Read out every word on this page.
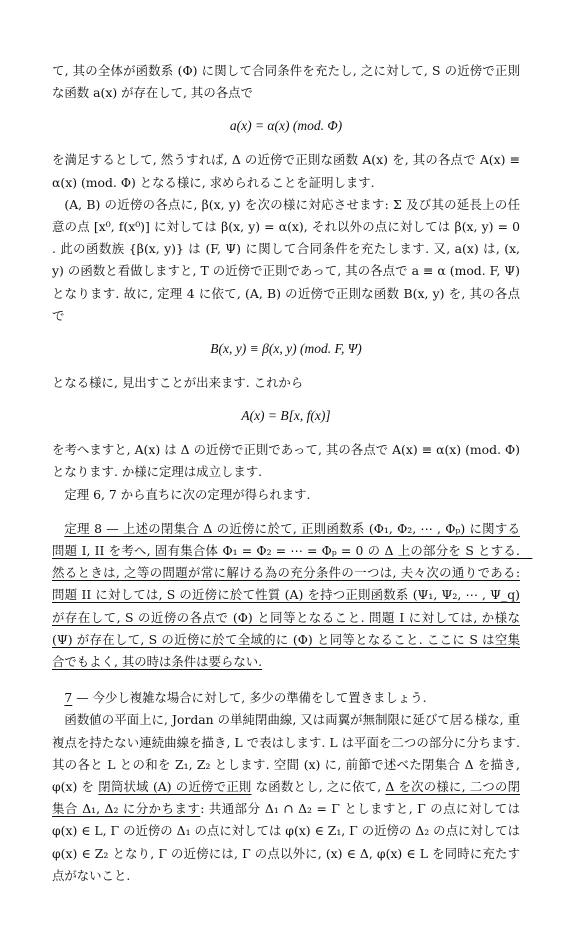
て, 其の全体が函数系 (Φ) に関して合同条件を充たし, 之に対して, S の近傍で正則な函数 a(x) が存在して, 其の各点で

a(x) = α(x) (mod. Φ)

を満足するとして, 然うすれば, Δ の近傍で正則な函数 A(x) を, 其の各点で A(x) ≡ α(x) (mod. Φ) となる様に, 求められることを証明します.

(A, B) の近傍の各点に, β(x, y) を次の様に対応させます: Σ 及び其の延長上の任意の点 [x⁰, f(x⁰)] に対しては β(x, y) = α(x), それ以外の点に対しては β(x, y) = 0 . 此の函数族 {β(x, y)} は (F, Ψ) に関して合同条件を充たします. 又, a(x) は, (x, y) の函数と看做しますと, T の近傍で正則であって, 其の各点で a ≡ α (mod. F, Ψ) となります. 故に, 定理 4 に依て, (A, B) の近傍で正則な函数 B(x, y) を, 其の各点で

B(x, y) ≡ β(x, y) (mod. F, Ψ)

となる様に, 見出すことが出来ます. これから

A(x) = B[x, f(x)]

を考へますと, A(x) は Δ の近傍で正則であって, 其の各点で A(x) ≡ α(x) (mod. Φ) となります. か様に定理は成立します.

定理 6, 7 から直ちに次の定理が得られます.

定理 8 — 上述の閉集合 Δ の近傍に於て, 正則函数系 (Φ₁, Φ₂, ⋯ , Φₚ) に関する問題 I, II を考へ, 固有集合体 Φ₁ = Φ₂ = ⋯ = Φₚ = 0 の Δ 上の部分を S とする.　然るときは, 之等の問題が常に解ける為の充分条件の一つは, 夫々次の通りである: 問題 II に対しては, S の近傍に於て性質 (A) を持つ正則函数系 (Ψ₁, Ψ₂, ⋯ , Ψ_q) が存在して, S の近傍の各点で (Φ) と同等となること. 問題 I に対しては, か様な (Ψ) が存在して, S の近傍に於て全域的に (Φ) と同等となること. ここに S は空集合でもよく, 其の時は条件は要らない.

7 — 今少し複雑な場合に対して, 多少の準備をして置きましょう.

函数値の平面上に, Jordan の単純閉曲線, 又は両翼が無制限に延びて居る様な, 重複点を持たない連続曲線を描き, L で表はします. L は平面を二つの部分に分ちます. 其の各と L との和を Z₁, Z₂ とします. 空間 (x) に, 前節で述べた閉集合 Δ を描き, φ(x) を 閉筒状域 (A) の近傍で正則 な函数とし, 之に依て, Δ を次の様に, 二つの閉集合 Δ₁, Δ₂ に分かちます: 共通部分 Δ₁ ∩ Δ₂ = Γ としますと, Γ の点に対しては φ(x) ∈ L, Γ の近傍の Δ₁ の点に対しては φ(x) ∈ Z₁, Γ の近傍の Δ₂ の点に対しては φ(x) ∈ Z₂ となり, Γ の近傍には, Γ の点以外に, (x) ∈ Δ, φ(x) ∈ L を同時に充たす点がないこと.
